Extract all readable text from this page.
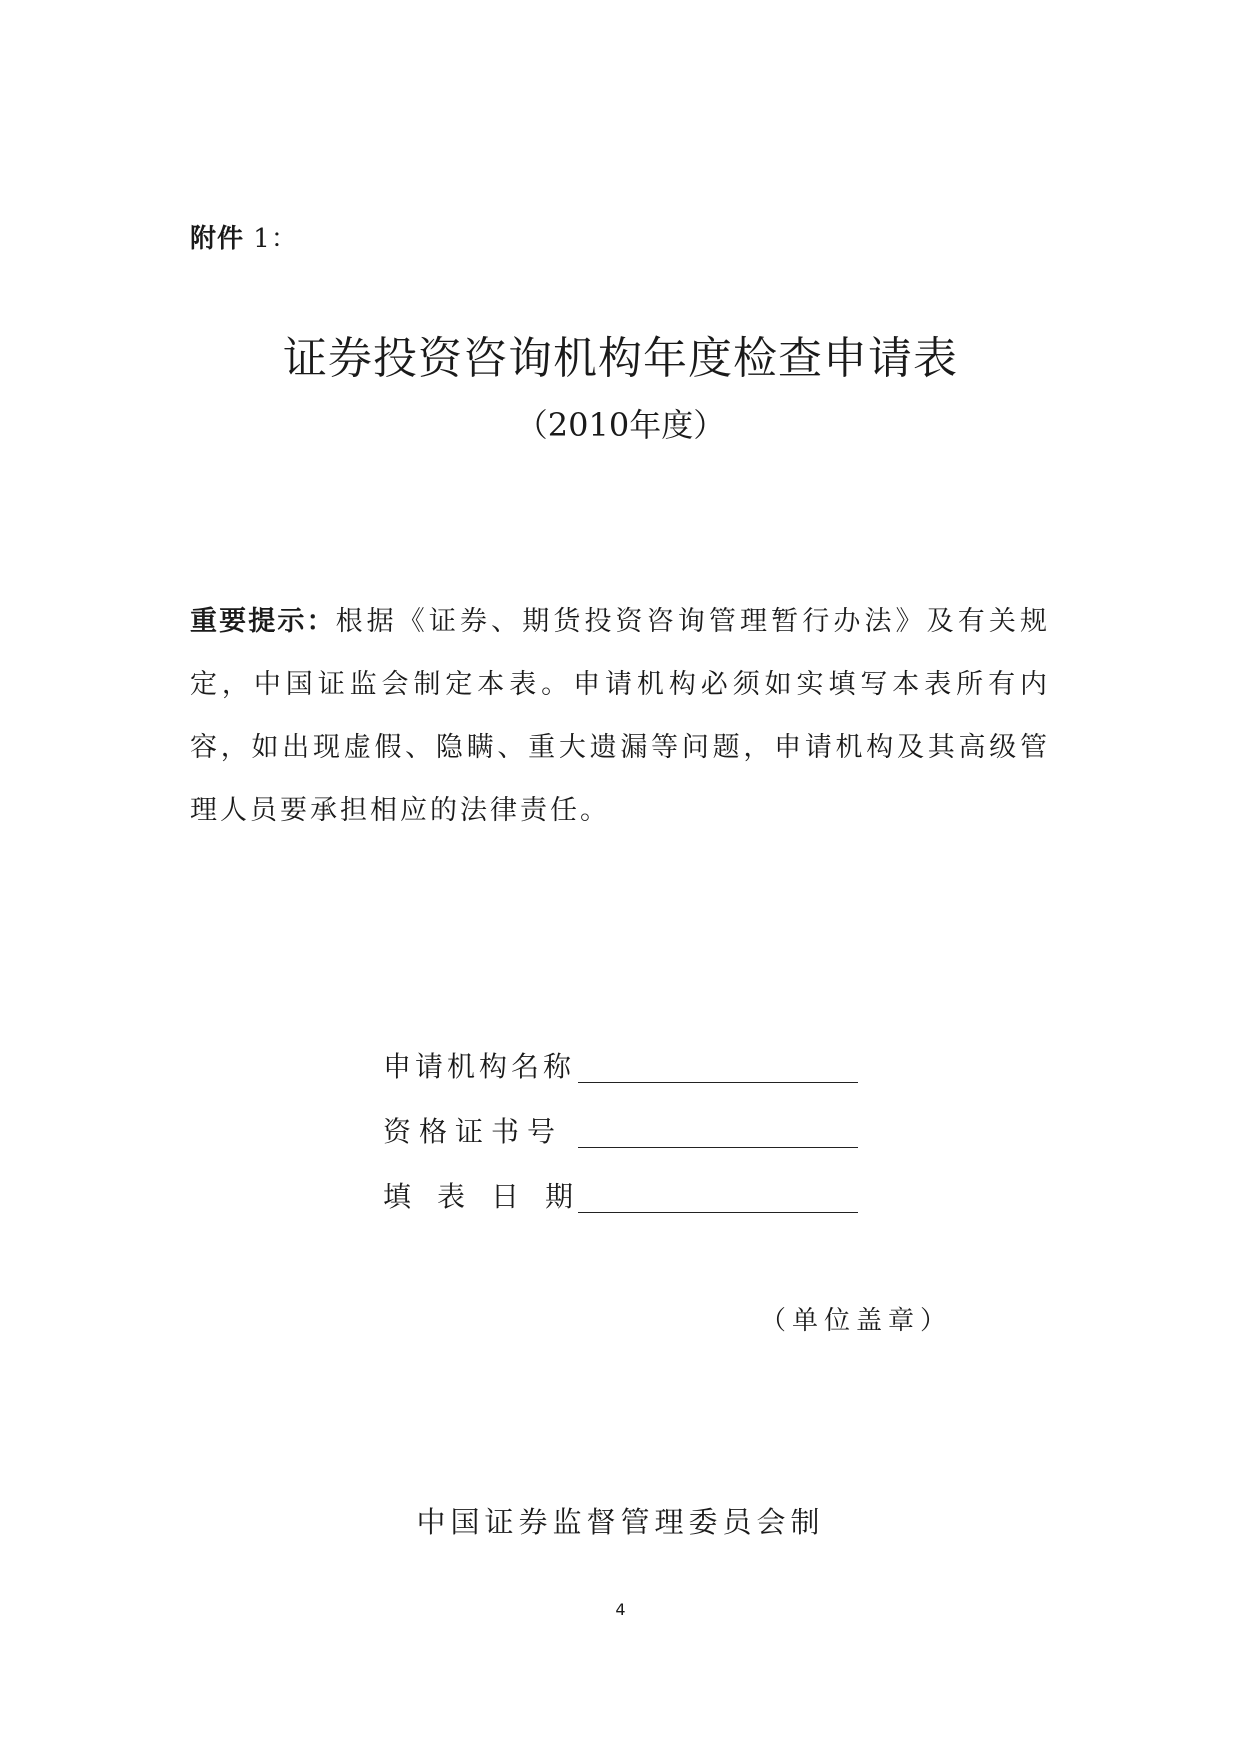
附件 1：
证券投资咨询机构年度检查申请表
（2010年度）
重要提示：根据《证券、期货投资咨询管理暂行办法》及有关规定，中国证监会制定本表。申请机构必须如实填写本表所有内容，如出现虚假、隐瞒、重大遗漏等问题，申请机构及其高级管理人员要承担相应的法律责任。
申请机构名称
资格证书号
填表日期
（单位盖章）
中国证券监督管理委员会制
4
